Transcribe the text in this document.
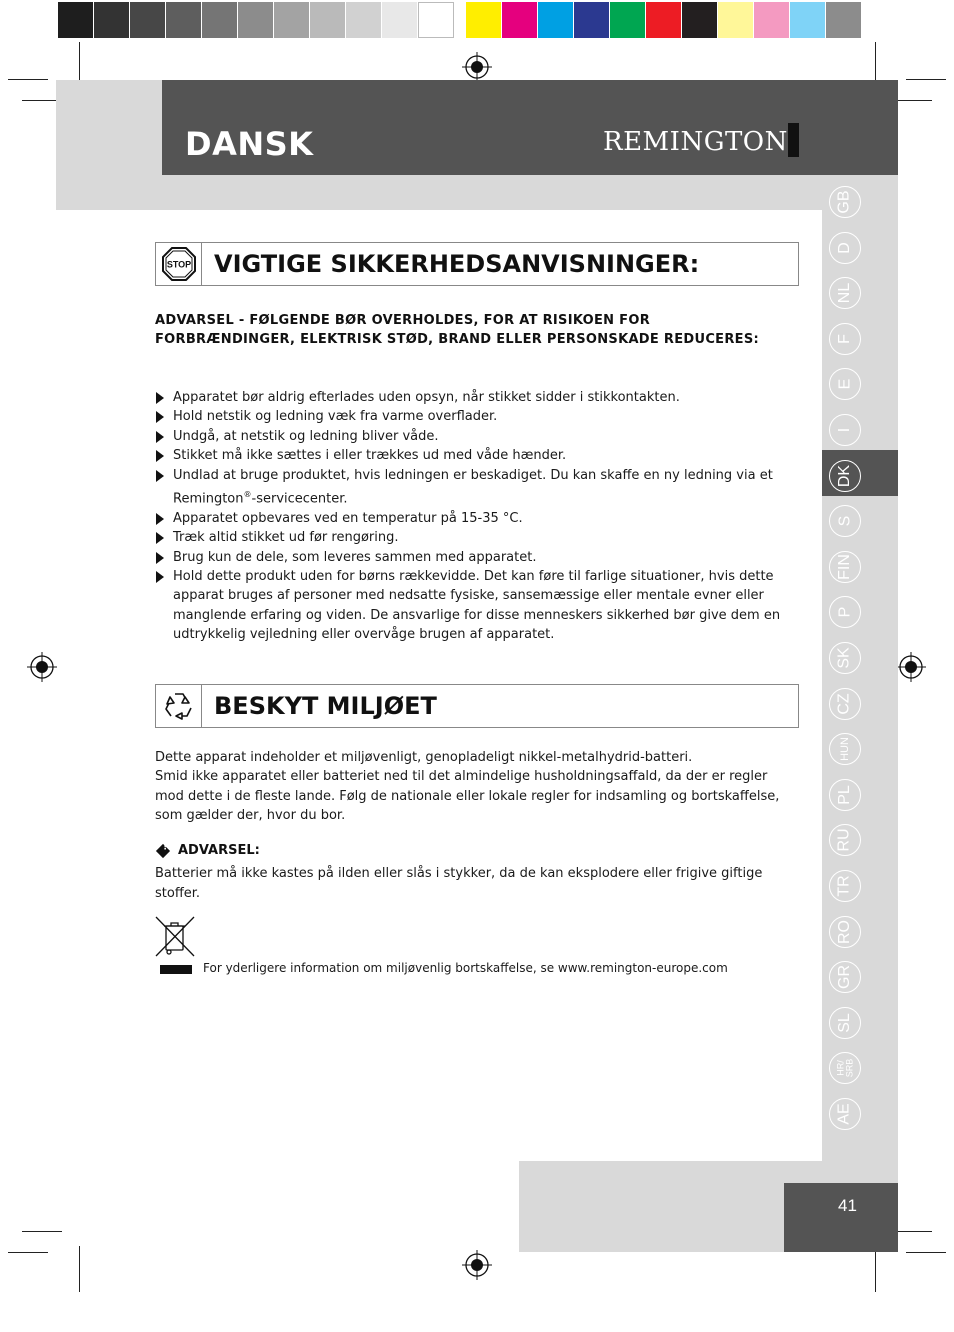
DANSK	REMINGTON
GB
D
NL
F
E
I
DK
S
FIN
P
SK
CZ
HUN
PL
RU
TR
RO
GR
SL
HR/
SRB
AE
41
STOP VIGTIGE SIKKERHEDSANVISNINGER:
ADVARSEL - FØLGENDE BØR OVERHOLDES, FOR AT RISIKOEN FOR FORBRÆNDINGER, ELEKTRISK STØD, BRAND ELLER PERSONSKADE REDUCERES:
Apparatet bør aldrig efterlades uden opsyn, når stikket sidder i stikkontakten.
Hold netstik og ledning væk fra varme overflader.
Undgå, at netstik og ledning bliver våde.
Stikket må ikke sættes i eller trækkes ud med våde hænder.
Undlad at bruge produktet, hvis ledningen er beskadiget. Du kan skaffe en ny ledning via et Remington®-servicecenter.
Apparatet opbevares ved en temperatur på 15-35 °C.
Træk altid stikket ud før rengøring.
Brug kun de dele, som leveres sammen med apparatet.
Hold dette produkt uden for børns rækkevidde. Det kan føre til farlige situationer, hvis dette apparat bruges af personer med nedsatte fysiske, sansemæssige eller mentale evner eller manglende erfaring og viden. De ansvarlige for disse menneskers sikkerhed bør give dem en udtrykkelig vejledning eller overvåge brugen af apparatet.
BESKYT MILJØET

Dette apparat indeholder et miljøvenligt, genopladeligt nikkel-metalhydrid-batteri.

Smid ikke apparatet eller batteriet ned til det almindelige husholdningsaffald, da der er regler mod dette i de fleste lande. Følg de nationale eller lokale regler for indsamling og bortskaffelse, som gælder der, hvor du bor.

!
ADVARSEL:

Batterier må ikke kastes på ilden eller slås i stykker, da de kan eksplodere eller frigive giftige stoffer.

For yderligere information om miljøvenlig bortskaffelse, se www.remington-europe.com
